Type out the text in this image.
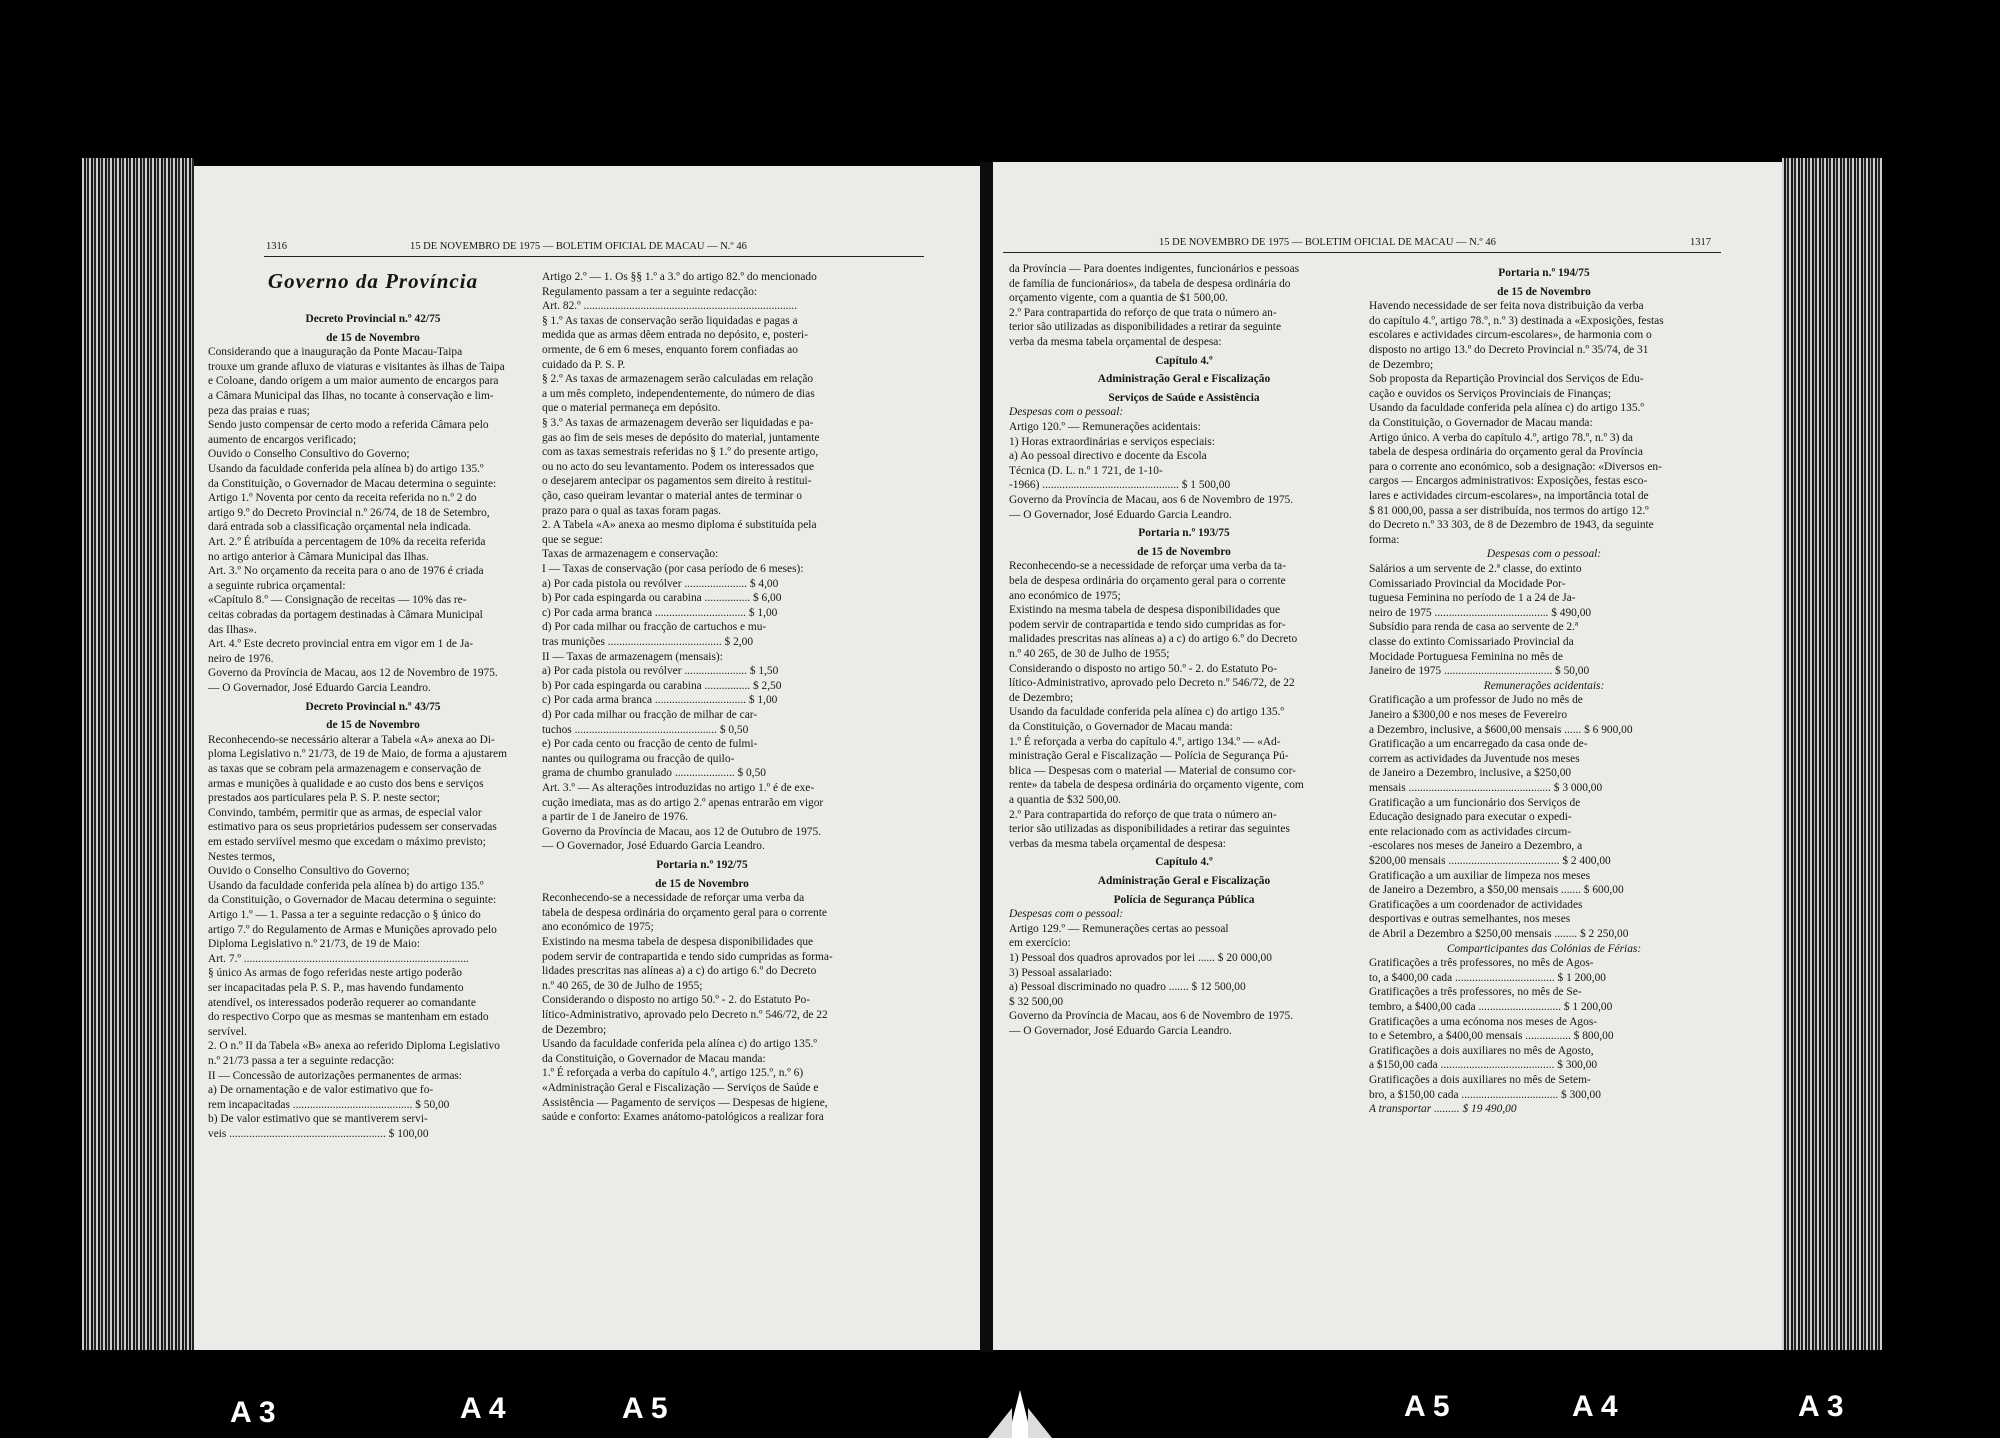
1316	15 DE NOVEMBRO DE 1975 — BOLETIM OFICIAL DE MACAU — N.º 46
Governo da Província
Decreto Provincial n.º 42/75
de 15 de Novembro
Considerando que a inauguração da Ponte Macau-Taipa
trouxe um grande afluxo de viaturas e visitantes às ilhas de Taipa
e Coloane, dando origem a um maior aumento de encargos para
a Câmara Municipal das Ilhas, no tocante à conservação e lim-
peza das praias e ruas;
Sendo justo compensar de certo modo a referida Câmara pelo
aumento de encargos verificado;
Ouvido o Conselho Consultivo do Governo;
Usando da faculdade conferida pela alínea b) do artigo 135.º
da Constituição, o Governador de Macau determina o seguinte:
Artigo 1.º Noventa por cento da receita referida no n.º 2 do
artigo 9.º do Decreto Provincial n.º 26/74, de 18 de Setembro,
dará entrada sob a classificação orçamental nela indicada.
Art. 2.º É atribuída a percentagem de 10% da receita referida
no artigo anterior à Câmara Municipal das Ilhas.
Art. 3.º No orçamento da receita para o ano de 1976 é criada
a seguinte rubrica orçamental:
«Capítulo 8.º — Consignação de receitas — 10% das re-
ceitas cobradas da portagem destinadas à Câmara Municipal
das Ilhas».
Art. 4.º Este decreto provincial entra em vigor em 1 de Ja-
neiro de 1976.
Governo da Província de Macau, aos 12 de Novembro de 1975.
— O Governador, José Eduardo Garcia Leandro.
Decreto Provincial n.º 43/75
de 15 de Novembro
Reconhecendo-se necessário alterar a Tabela «A» anexa ao Di-
ploma Legislativo n.º 21/73, de 19 de Maio, de forma a ajustarem
as taxas que se cobram pela armazenagem e conservação de
armas e munições à qualidade e ao custo dos bens e serviços
prestados aos particulares pela P. S. P. neste sector;
Convindo, também, permitir que as armas, de especial valor
estimativo para os seus proprietários pudessem ser conservadas
em estado serviível mesmo que excedam o máximo previsto;
Nestes termos,
Ouvido o Conselho Consultivo do Governo;
Usando da faculdade conferida pela alínea b) do artigo 135.º
da Constituição, o Governador de Macau determina o seguinte:
Artigo 1.º — 1. Passa a ter a seguinte redacção o § único do
artigo 7.º do Regulamento de Armas e Munições aprovado pelo
Diploma Legislativo n.º 21/73, de 19 de Maio:
Art. 7.º ...............................................................................
§ único As armas de fogo referidas neste artigo poderão
ser incapacitadas pela P. S. P., mas havendo fundamento
atendível, os interessados poderão requerer ao comandante
do respectivo Corpo que as mesmas se mantenham em estado
servível.
2. O n.º II da Tabela «B» anexa ao referido Diploma Legislativo
n.º 21/73 passa a ter a seguinte redacção:
II — Concessão de autorizações permanentes de armas:
a) De ornamentação e de valor estimativo que fo-
rem incapacitadas .......................................... $ 50,00
b) De valor estimativo que se mantiverem servi-
veis ....................................................... $ 100,00
Artigo 2.º — 1. Os §§ 1.º a 3.º do artigo 82.º do mencionado
Regulamento passam a ter a seguinte redacção:
Art. 82.º ...........................................................................
§ 1.º As taxas de conservação serão liquidadas e pagas a
medida que as armas dêem entrada no depósito, e, posteri-
ormente, de 6 em 6 meses, enquanto forem confiadas ao
cuidado da P. S. P.
§ 2.º As taxas de armazenagem serão calculadas em relação
a um mês completo, independentemente, do número de dias
que o material permaneça em depósito.
§ 3.º As taxas de armazenagem deverão ser liquidadas e pa-
gas ao fim de seis meses de depósito do material, juntamente
com as taxas semestrais referidas no § 1.º do presente artigo,
ou no acto do seu levantamento. Podem os interessados que
o desejarem antecipar os pagamentos sem direito à restitui-
ção, caso queiram levantar o material antes de terminar o
prazo para o qual as taxas foram pagas.
2. A Tabela «A» anexa ao mesmo diploma é substituída pela
que se segue:
Taxas de armazenagem e conservação:
I — Taxas de conservação (por casa período de 6 meses):
a) Por cada pistola ou revólver ...................... $ 4,00
b) Por cada espingarda ou carabina ................ $ 6,00
c) Por cada arma branca ................................ $ 1,00
d) Por cada milhar ou fracção de cartuchos e mu-
tras munições ........................................ $ 2,00
II — Taxas de armazenagem (mensais):
a) Por cada pistola ou revólver ...................... $ 1,50
b) Por cada espingarda ou carabina ................ $ 2,50
c) Por cada arma branca ................................ $ 1,00
d) Por cada milhar ou fracção de milhar de car-
tuchos .................................................. $ 0,50
e) Por cada cento ou fracção de cento de fulmi-
nantes ou quilograma ou fracção de quilo-
grama de chumbo granulado ..................... $ 0,50
Art. 3.º — As alterações introduzidas no artigo 1.º é de exe-
cução imediata, mas as do artigo 2.º apenas entrarão em vigor
a partir de 1 de Janeiro de 1976.
Governo da Província de Macau, aos 12 de Outubro de 1975.
— O Governador, José Eduardo Garcia Leandro.
Portaria n.º 192/75
de 15 de Novembro
Reconhecendo-se a necessidade de reforçar uma verba da
tabela de despesa ordinária do orçamento geral para o corrente
ano económico de 1975;
Existindo na mesma tabela de despesa disponibilidades que
podem servir de contrapartida e tendo sido cumpridas as forma-
lidades prescritas nas alíneas a) a c) do artigo 6.º do Decreto
n.º 40 265, de 30 de Julho de 1955;
Considerando o disposto no artigo 50.º - 2. do Estatuto Po-
lítico-Administrativo, aprovado pelo Decreto n.º 546/72, de 22
de Dezembro;
Usando da faculdade conferida pela alínea c) do artigo 135.º
da Constituição, o Governador de Macau manda:
1.º É reforçada a verba do capítulo 4.º, artigo 125.º, n.º 6)
«Administração Geral e Fiscalização — Serviços de Saúde e
Assistência — Pagamento de serviços — Despesas de higiene,
saúde e conforto: Exames anátomo-patológicos a realizar fora
15 DE NOVEMBRO DE 1975 — BOLETIM OFICIAL DE MACAU — N.º 46	1317
da Província — Para doentes indigentes, funcionários e pessoas
de família de funcionários», da tabela de despesa ordinária do
orçamento vigente, com a quantia de $1 500,00.
2.º Para contrapartida do reforço de que trata o número an-
terior são utilizadas as disponibilidades a retirar da seguinte
verba da mesma tabela orçamental de despesa:
Capítulo 4.º
Administração Geral e Fiscalização
Serviços de Saúde e Assistência
Despesas com o pessoal:
Artigo 120.º — Remunerações acidentais:
1) Horas extraordinárias e serviços especiais:
a) Ao pessoal directivo e docente da Escola
Técnica (D. L. n.º 1 721, de 1-10-
-1966) ................................................ $ 1 500,00
Governo da Província de Macau, aos 6 de Novembro de 1975.
— O Governador, José Eduardo Garcia Leandro.
Portaria n.º 193/75
de 15 de Novembro
Reconhecendo-se a necessidade de reforçar uma verba da ta-
bela de despesa ordinária do orçamento geral para o corrente
ano económico de 1975;
Existindo na mesma tabela de despesa disponibilidades que
podem servir de contrapartida e tendo sido cumpridas as for-
malidades prescritas nas alíneas a) a c) do artigo 6.º do Decreto
n.º 40 265, de 30 de Julho de 1955;
Considerando o disposto no artigo 50.º - 2. do Estatuto Po-
lítico-Administrativo, aprovado pelo Decreto n.º 546/72, de 22
de Dezembro;
Usando da faculdade conferida pela alínea c) do artigo 135.º
da Constituição, o Governador de Macau manda:
1.º É reforçada a verba do capítulo 4.º, artigo 134.º — «Ad-
ministração Geral e Fiscalização — Polícia de Segurança Pú-
blica — Despesas com o material — Material de consumo cor-
rente» da tabela de despesa ordinária do orçamento vigente, com
a quantia de $32 500,00.
2.º Para contrapartida do reforço de que trata o número an-
terior são utilizadas as disponibilidades a retirar das seguintes
verbas da mesma tabela orçamental de despesa:
Capítulo 4.º
Administração Geral e Fiscalização
Polícia de Segurança Pública
Despesas com o pessoal:
Artigo 129.º — Remunerações certas ao pessoal
em exercício:
1) Pessoal dos quadros aprovados por lei ...... $ 20 000,00
3) Pessoal assalariado:
a) Pessoal discriminado no quadro ....... $ 12 500,00
$ 32 500,00
Governo da Província de Macau, aos 6 de Novembro de 1975.
— O Governador, José Eduardo Garcia Leandro.
Portaria n.º 194/75
de 15 de Novembro
Havendo necessidade de ser feita nova distribuição da verba
do capítulo 4.º, artigo 78.º, n.º 3) destinada a «Exposições, festas
escolares e actividades circum-escolares», de harmonia com o
disposto no artigo 13.º do Decreto Provincial n.º 35/74, de 31
de Dezembro;
Sob proposta da Repartição Provincial dos Serviços de Edu-
cação e ouvidos os Serviços Provinciais de Finanças;
Usando da faculdade conferida pela alínea c) do artigo 135.º
da Constituição, o Governador de Macau manda:
Artigo único. A verba do capítulo 4.º, artigo 78.º, n.º 3) da
tabela de despesa ordinária do orçamento geral da Província
para o corrente ano económico, sob a designação: «Diversos en-
cargos — Encargos administrativos: Exposições, festas esco-
lares e actividades circum-escolares», na importância total de
$ 81 000,00, passa a ser distribuída, nos termos do artigo 12.º
do Decreto n.º 33 303, de 8 de Dezembro de 1943, da seguinte
forma:
Despesas com o pessoal:
Salários a um servente de 2.ª classe, do extinto
Comissariado Provincial da Mocidade Por-
tuguesa Feminina no período de 1 a 24 de Ja-
neiro de 1975 ........................................ $ 490,00
Subsídio para renda de casa ao servente de 2.ª
classe do extinto Comissariado Provincial da
Mocidade Portuguesa Feminina no mês de
Janeiro de 1975 ...................................... $ 50,00
Remunerações acidentais:
Gratificação a um professor de Judo no mês de
Janeiro a $300,00 e nos meses de Fevereiro
a Dezembro, inclusive, a $600,00 mensais ...... $ 6 900,00
Gratificação a um encarregado da casa onde de-
correm as actividades da Juventude nos meses
de Janeiro a Dezembro, inclusive, a $250,00
mensais .................................................. $ 3 000,00
Gratificação a um funcionário dos Serviços de
Educação designado para executar o expedi-
ente relacionado com as actividades circum-
-escolares nos meses de Janeiro a Dezembro, a
$200,00 mensais ....................................... $ 2 400,00
Gratificação a um auxiliar de limpeza nos meses
de Janeiro a Dezembro, a $50,00 mensais ....... $ 600,00
Gratificações a um coordenador de actividades
desportivas e outras semelhantes, nos meses
de Abril a Dezembro a $250,00 mensais ........ $ 2 250,00
Comparticipantes das Colónias de Férias:
Gratificações a três professores, no mês de Agos-
to, a $400,00 cada ................................... $ 1 200,00
Gratificações a três professores, no mês de Se-
tembro, a $400,00 cada ............................. $ 1 200,00
Gratificações a uma ecónoma nos meses de Agos-
to e Setembro, a $400,00 mensais ................ $ 800,00
Gratificações a dois auxiliares no mês de Agosto,
a $150,00 cada ........................................ $ 300,00
Gratificações a dois auxiliares no mês de Setem-
bro, a $150,00 cada .................................. $ 300,00
A transportar ......... $ 19 490,00
A 3	A 4	A 5	A 5	A 4	A 3
